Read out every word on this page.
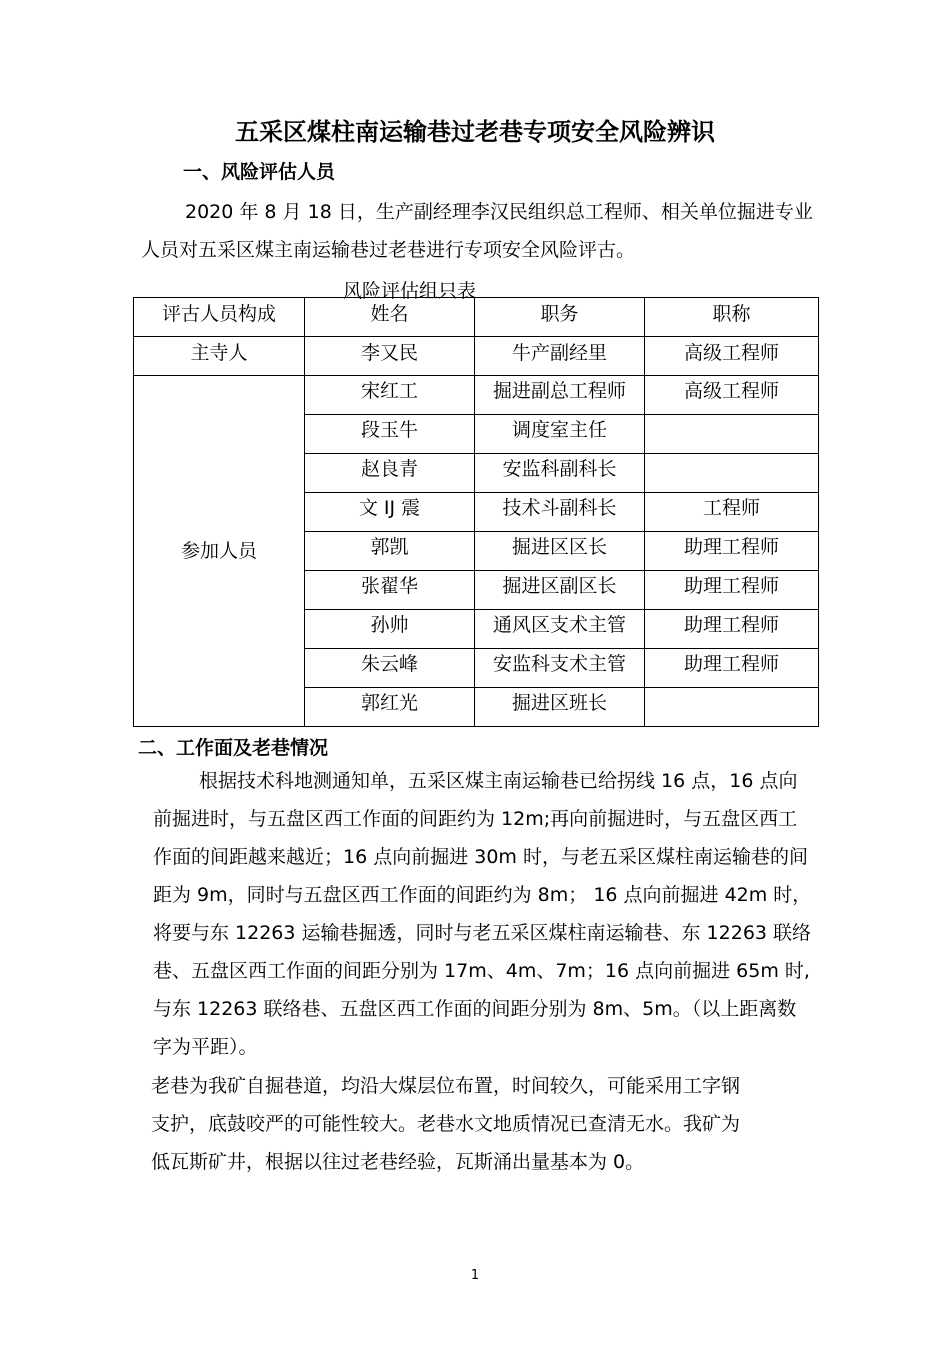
五采区煤柱南运输巷过老巷专项安全风险辨识
一、风险评估人员

2020 年 8 月 18 日，生产副经理李汉民组织总工程师、相关单位掘进专业

人员对五采区煤主南运输巷过老巷进行专项安全风险评古。

风险评估组只表
评古人员构成	姓名	职务	职称
主寺人	李又民	牛产副经里	高级工程师
参加人员	宋红工	掘进副总工程师	高级工程师
	段玉牛	调度室主任	
	赵良青	安监科副科长	
	文 IJ 震	技术斗副科长	工程师
	郭凯	掘进区区长	助理工程师
	张翟华	掘进区副区长	助理工程师
	孙帅	通风区支术主管	助理工程师
	朱云峰	安监科支术主管	助理工程师
	郭红光	掘进区班长	
二、工作面及老巷情况

根据技术科地测通知单，五采区煤主南运输巷已给拐线 16 点，16 点向

前掘进时，与五盘区西工作面的间距约为 12m;再向前掘进时，与五盘区西工

作面的间距越来越近；16 点向前掘进 30m 时，与老五采区煤柱南运输巷的间

距为 9m，同时与五盘区西工作面的间距约为 8m； 16 点向前掘进 42m 时，

将要与东 12263 运输巷掘透，同时与老五采区煤柱南运输巷、东 12263 联络

巷、五盘区西工作面的间距分别为 17m、4m、7m；16 点向前掘进 65m 时,

与东 12263 联络巷、五盘区西工作面的间距分别为 8m、5m。（以上距离数

字为平距）。

老巷为我矿自掘巷道，均沿大煤层位布置，时间较久，可能采用工字钢

支护，底鼓咬严的可能性较大。老巷水文地质情况已查清无水。我矿为

低瓦斯矿井，根据以往过老巷经验，瓦斯涌出量基本为 0。

1
